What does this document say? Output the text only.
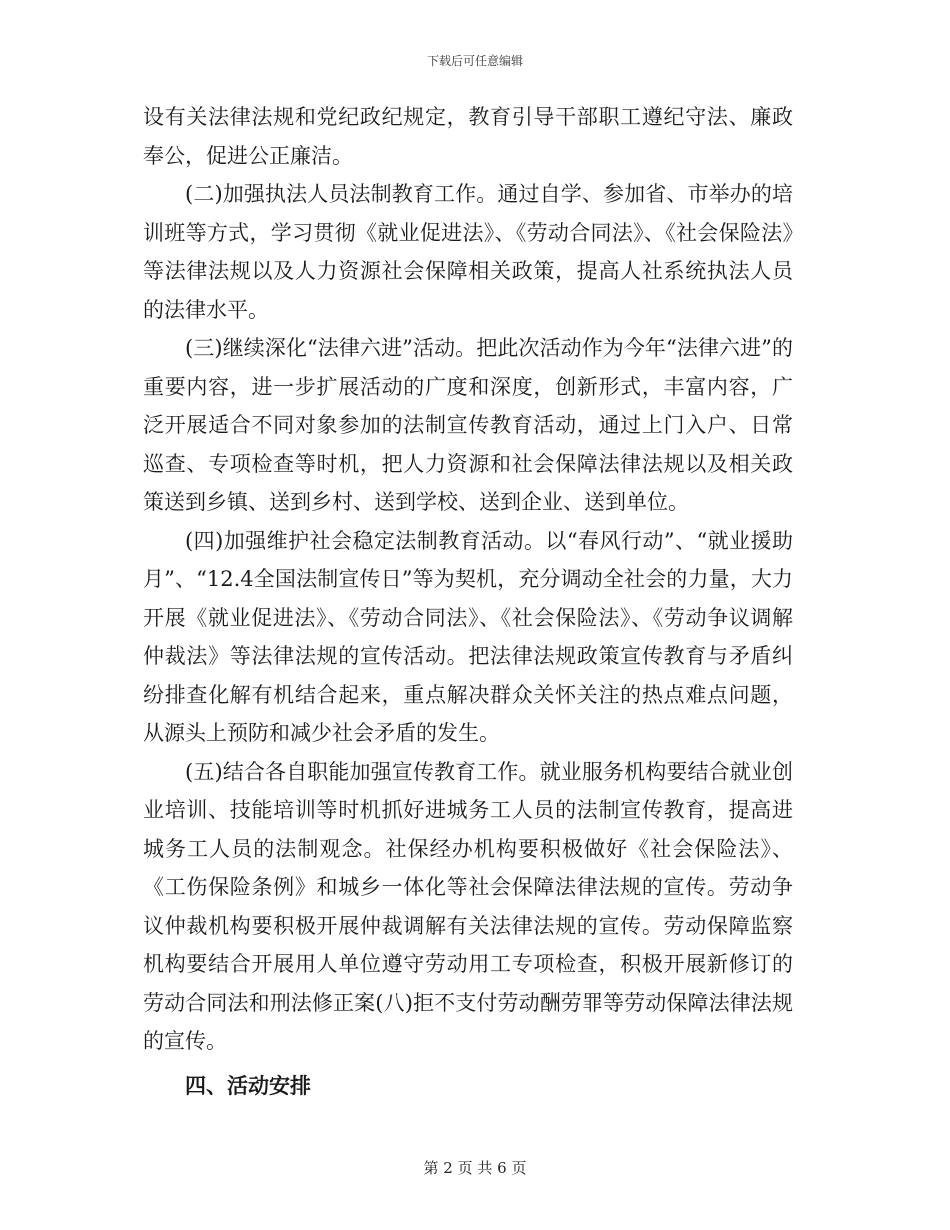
下载后可任意编辑

设有关法律法规和党纪政纪规定，教育引导干部职工遵纪守法、廉政奉公，促进公正廉洁。

(二)加强执法人员法制教育工作。通过自学、参加省、市举办的培训班等方式，学习贯彻《就业促进法》、《劳动合同法》、《社会保险法》等法律法规以及人力资源社会保障相关政策，提高人社系统执法人员的法律水平。

(三)继续深化“法律六进”活动。把此次活动作为今年“法律六进”的重要内容，进一步扩展活动的广度和深度，创新形式，丰富内容，广泛开展适合不同对象参加的法制宣传教育活动，通过上门入户、日常巡查、专项检查等时机，把人力资源和社会保障法律法规以及相关政策送到乡镇、送到乡村、送到学校、送到企业、送到单位。

(四)加强维护社会稳定法制教育活动。以“春风行动”、“就业援助月”、“12.4全国法制宣传日”等为契机，充分调动全社会的力量，大力开展《就业促进法》、《劳动合同法》、《社会保险法》、《劳动争议调解仲裁法》等法律法规的宣传活动。把法律法规政策宣传教育与矛盾纠纷排查化解有机结合起来，重点解决群众关怀关注的热点难点问题，从源头上预防和减少社会矛盾的发生。

(五)结合各自职能加强宣传教育工作。就业服务机构要结合就业创业培训、技能培训等时机抓好进城务工人员的法制宣传教育，提高进城务工人员的法制观念。社保经办机构要积极做好《社会保险法》、《工伤保险条例》和城乡一体化等社会保障法律法规的宣传。劳动争议仲裁机构要积极开展仲裁调解有关法律法规的宣传。劳动保障监察机构要结合开展用人单位遵守劳动用工专项检查，积极开展新修订的劳动合同法和刑法修正案(八)拒不支付劳动酬劳罪等劳动保障法律法规的宣传。

四、活动安排

第 2 页 共 6 页
